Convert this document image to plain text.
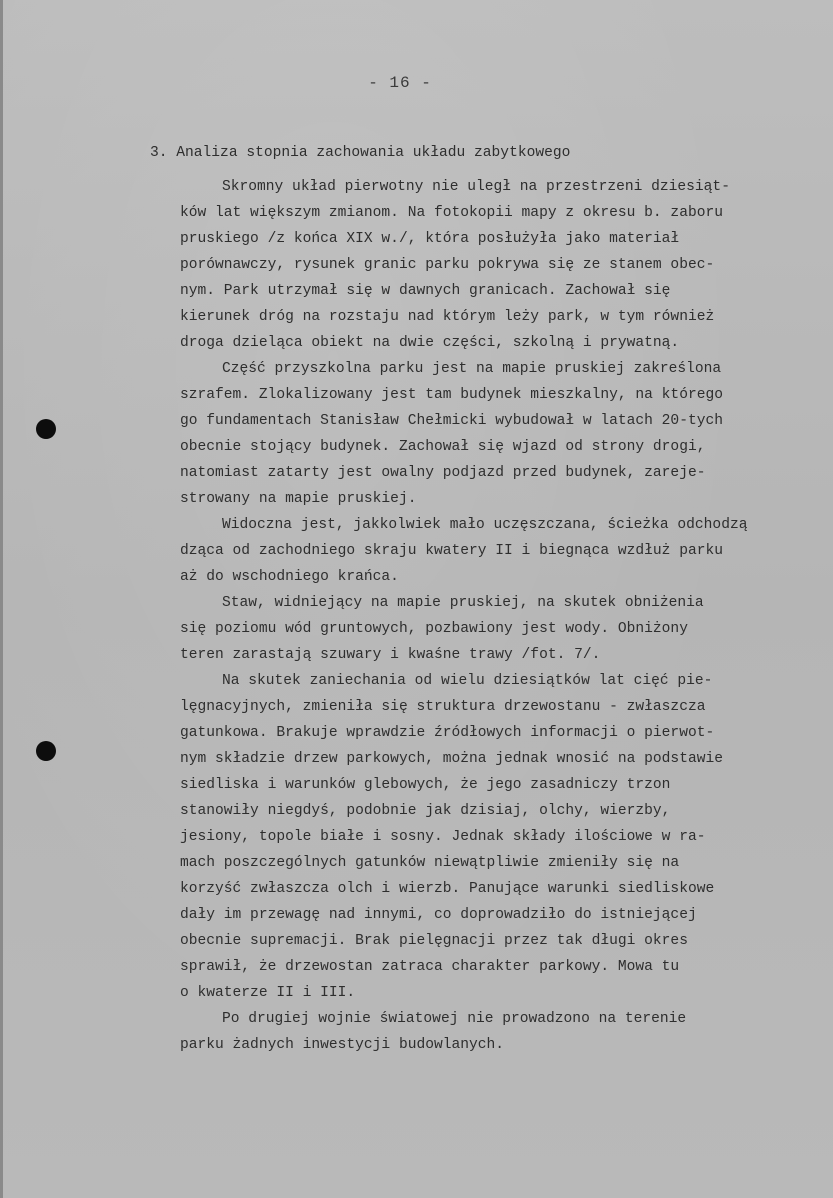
- 16 -
3. Analiza stopnia zachowania układu zabytkowego
Skromny układ pierwotny nie uległ na przestrzeni dziesiąt-
ków lat większym zmianom. Na fotokopii mapy z okresu b. zaboru
pruskiego /z końca XIX w./, która posłużyła jako materiał
porównawczy, rysunek granic parku pokrywa się ze stanem obec-
nym. Park utrzymał się w dawnych granicach. Zachował się
kierunek dróg na rozstaju nad którym leży park, w tym również
droga dzieląca obiekt na dwie części, szkolną i prywatną.
Część przyszkolna parku jest na mapie pruskiej zakreślona
szrafem. Zlokalizowany jest tam budynek mieszkalny, na którego
go fundamentach Stanisław Chełmicki wybudował w latach 20-tych
obecnie stojący budynek. Zachował się wjazd od strony drogi,
natomiast zatarty jest owalny podjazd przed budynek, zareje-
strowany na mapie pruskiej.
Widoczna jest, jakkolwiek mało uczęszczana, ścieżka odchodzą
dząca od zachodniego skraju kwatery II i biegnąca wzdłuż parku
aż do wschodniego krańca.
Staw, widniejący na mapie pruskiej, na skutek obniżenia
się poziomu wód gruntowych, pozbawiony jest wody. Obniżony
teren zarastają szuwary i kwaśne trawy /fot. 7/.
Na skutek zaniechania od wielu dziesiątków lat cięć pie-
lęgnacyjnych, zmieniła się struktura drzewostanu - zwłaszcza
gatunkowa. Brakuje wprawdzie źródłowych informacji o pierwot-
nym składzie drzew parkowych, można jednak wnosić na podstawie
siedliska i warunków glebowych, że jego zasadniczy trzon
stanowiły niegdyś, podobnie jak dzisiaj, olchy, wierzby,
jesiony, topole białe i sosny. Jednak składy ilościowe w ra-
mach poszczególnych gatunków niewątpliwie zmieniły się na
korzyść zwłaszcza olch i wierzb. Panujące warunki siedliskowe
dały im przewagę nad innymi, co doprowadziło do istniejącej
obecnie supremacji. Brak pielęgnacji przez tak długi okres
sprawił, że drzewostan zatraca charakter parkowy. Mowa tu
o kwaterze II i III.
Po drugiej wojnie światowej nie prowadzono na terenie
parku żadnych inwestycji budowlanych.
